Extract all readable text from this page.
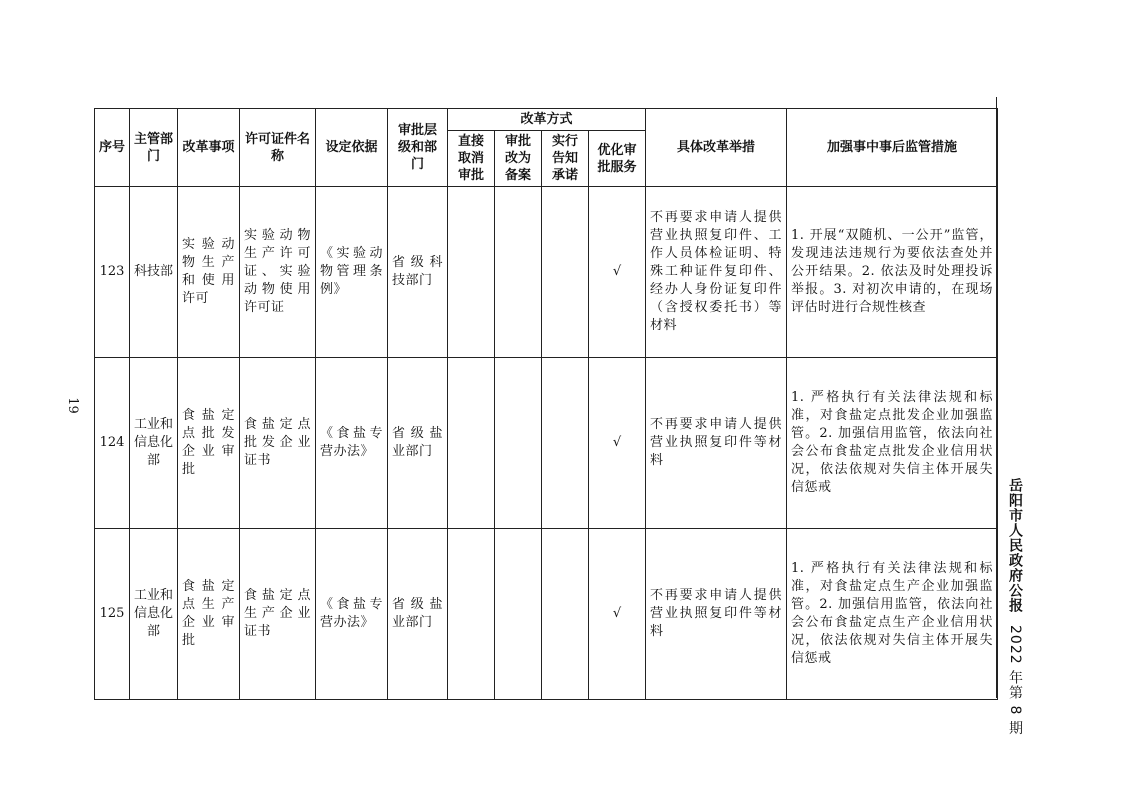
19
岳阳市人民政府公报2022 年第 8 期
序号	主管部门	改革事项	许可证件名称	设定依据	审批层级和部门	改革方式				具体改革举措	加强事中事后监管措施
						直接取消审批	审批改为备案	实行告知承诺	优化审批服务		
123	科技部	实验动物生产和使用许可	实验动物生产许可证、实验动物使用许可证	《实验动物管理条例》	省级科技部门				√	不再要求申请人提供营业执照复印件、工作人员体检证明、特殊工种证件复印件、经办人身份证复印件（含授权委托书）等材料	1. 开展“双随机、一公开”监管，发现违法违规行为要依法查处并公开结果。2. 依法及时处理投诉举报。3. 对初次申请的，在现场评估时进行合规性核查
124	工业和信息化部	食盐定点批发企业审批	食盐定点批发企业证书	《食盐专营办法》	省级盐业部门				√	不再要求申请人提供营业执照复印件等材料	1. 严格执行有关法律法规和标准，对食盐定点批发企业加强监管。2. 加强信用监管，依法向社会公布食盐定点批发企业信用状况，依法依规对失信主体开展失信惩戒
125	工业和信息化部	食盐定点生产企业审批	食盐定点生产企业证书	《食盐专营办法》	省级盐业部门				√	不再要求申请人提供营业执照复印件等材料	1. 严格执行有关法律法规和标准，对食盐定点生产企业加强监管。2. 加强信用监管，依法向社会公布食盐定点生产企业信用状况，依法依规对失信主体开展失信惩戒
